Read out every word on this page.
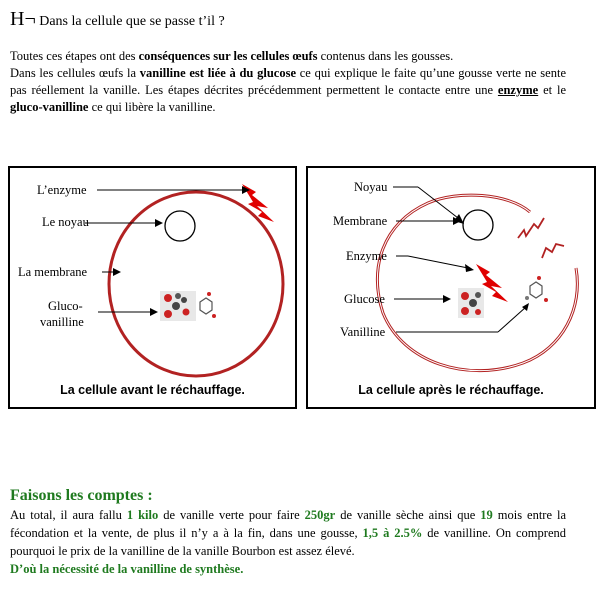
H¬ Dans la cellule que se passe t’il ?
Toutes ces étapes ont des conséquences sur les cellules œufs contenus dans les gousses.
Dans les cellules œufs la vanilline est liée à du glucose ce qui explique le faite qu’une gousse verte ne sente pas réellement la vanille. Les étapes décrites précédemment permettent le contacte entre une enzyme et le gluco-vanilline ce qui libère la vanilline.
L’enzyme
Le noyau
La membrane
Gluco-
vanilline
La cellule avant le réchauffage.
Noyau
Membrane
Enzyme
Glucose
Vanilline
La cellule après le réchauffage.
Faisons les comptes :
Au total, il aura fallu 1 kilo de vanille verte pour faire 250gr de vanille sèche ainsi que 19 mois entre la fécondation et la vente, de plus il n’y a à la fin, dans une gousse, 1,5 à 2.5% de vanilline. On comprend pourquoi le prix de la vanilline de la vanille Bourbon est assez élevé.
D’où la nécessité de la vanilline de synthèse.
